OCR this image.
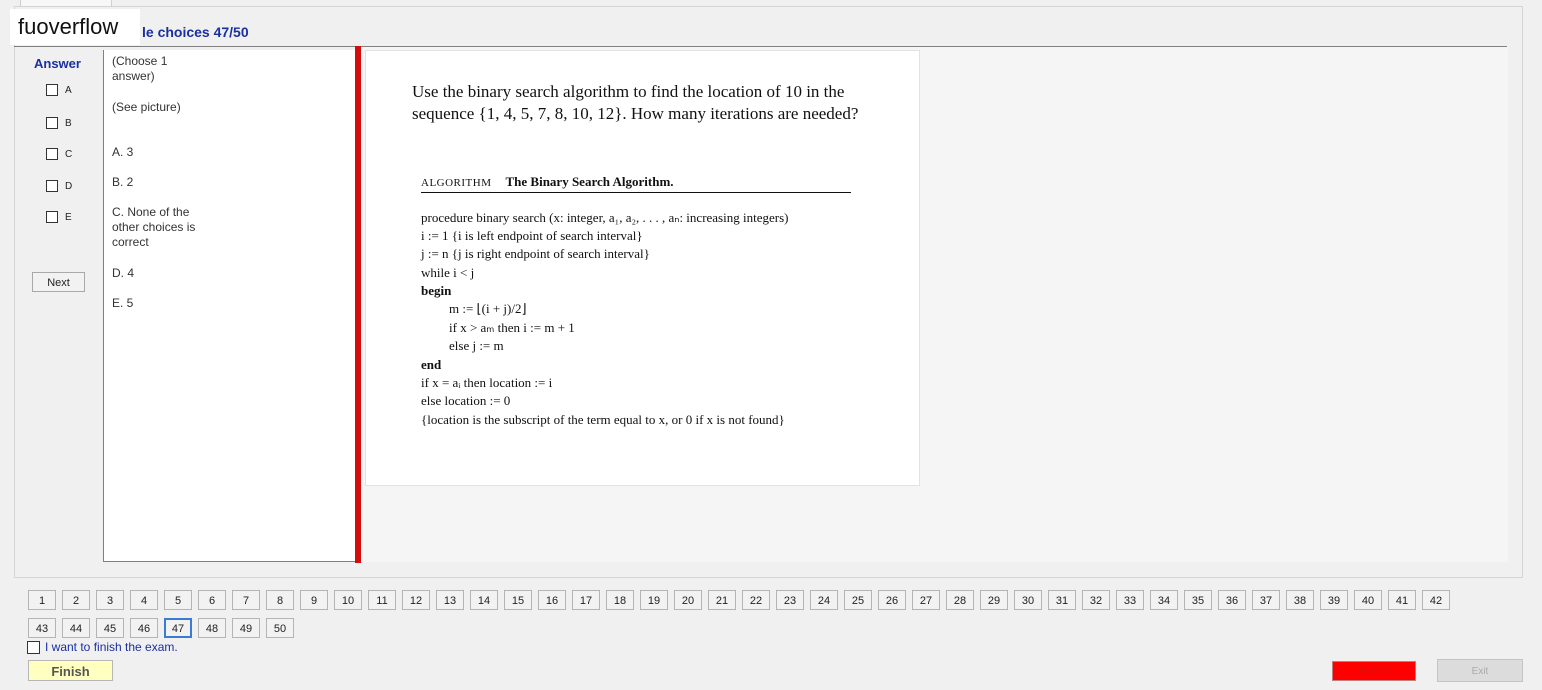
fuoverflow	le choices 47/50
Answer
A
B
C
D
E
Next
(Choose 1 answer)
(See picture)
A. 3
B. 2
C. None of the other choices is correct
D. 4
E. 5
Use the binary search algorithm to find the location of 10 in the sequence {1, 4, 5, 7, 8, 10, 12}. How many iterations are needed?
ALGORITHM The Binary Search Algorithm.
procedure binary search (x: integer, a₁, a₂, . . . , aₙ: increasing integers)
i := 1 {i is left endpoint of search interval}
j := n {j is right endpoint of search interval}
while i < j
begin
m := ⌊(i + j)/2⌋
if x > aₘ then i := m + 1
else j := m
end
if x = aᵢ then location := i
else location := 0
{location is the subscript of the term equal to x, or 0 if x is not found}
1	2	3	4	5	6	7	8	9	10	11	12	13	14	15	16	17	18	19	20	21	22	23	24	25	26	27	28	29	30	31	32	33	34	35	36	37	38	39	40	41	42
43	44	45	46	47	48	49	50
I want to finish the exam.
Finish	Submit	Exit
